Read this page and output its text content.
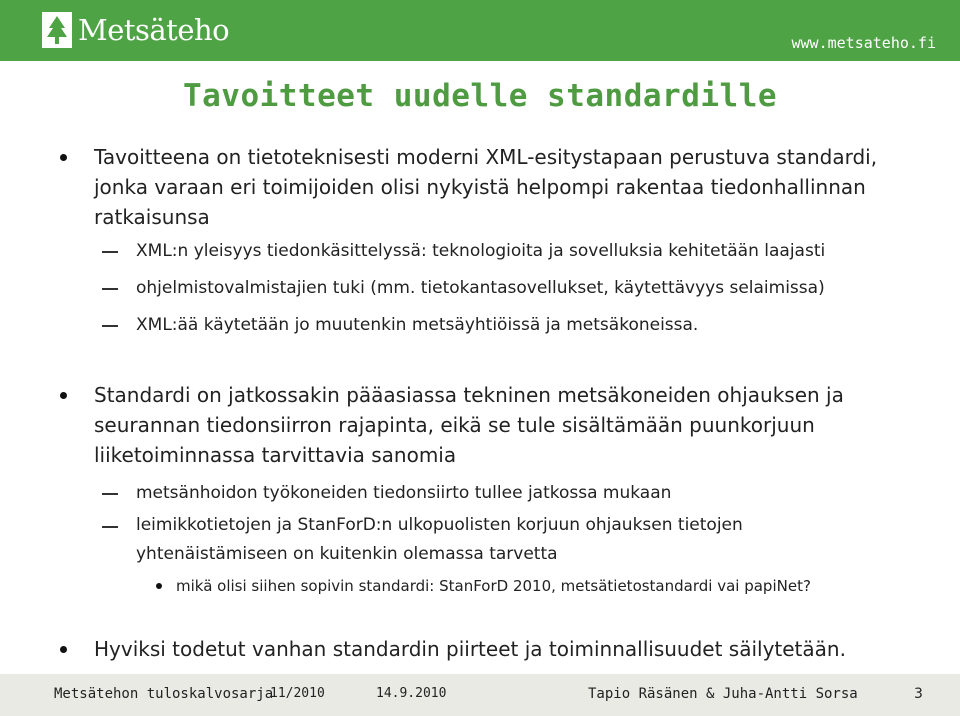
Metsäteho	www.metsateho.fi
Tavoitteet uudelle standardille

Tavoitteena on tietoteknisesti moderni XML-esitystapaan perustuva standardi, jonka varaan eri toimijoiden olisi nykyistä helpompi rakentaa tiedonhallinnan ratkaisunsa

XML:n yleisyys tiedonkäsittelyssä: teknologioita ja sovelluksia kehitetään laajasti

ohjelmistovalmistajien tuki (mm. tietokantasovellukset, käytettävyys selaimissa)

XML:ää käytetään jo muutenkin metsäyhtiöissä ja metsäkoneissa.

Standardi on jatkossakin pääasiassa tekninen metsäkoneiden ohjauksen ja seurannan tiedonsiirron rajapinta, eikä se tule sisältämään puunkorjuun liiketoiminnassa tarvittavia sanomia

metsänhoidon työkoneiden tiedonsiirto tullee jatkossa mukaan

leimikkotietojen ja StanForD:n ulkopuolisten korjuun ohjauksen tietojen yhtenäistämiseen on kuitenkin olemassa tarvetta

mikä olisi siihen sopivin standardi: StanForD 2010, metsätietostandardi vai papiNet?

Hyviksi todetut vanhan standardin piirteet ja toiminnallisuudet säilytetään.

Metsätehon tuloskalvosarja
11/2010	14.9.2010	Tapio Räsänen & Juha-Antti Sorsa	3
